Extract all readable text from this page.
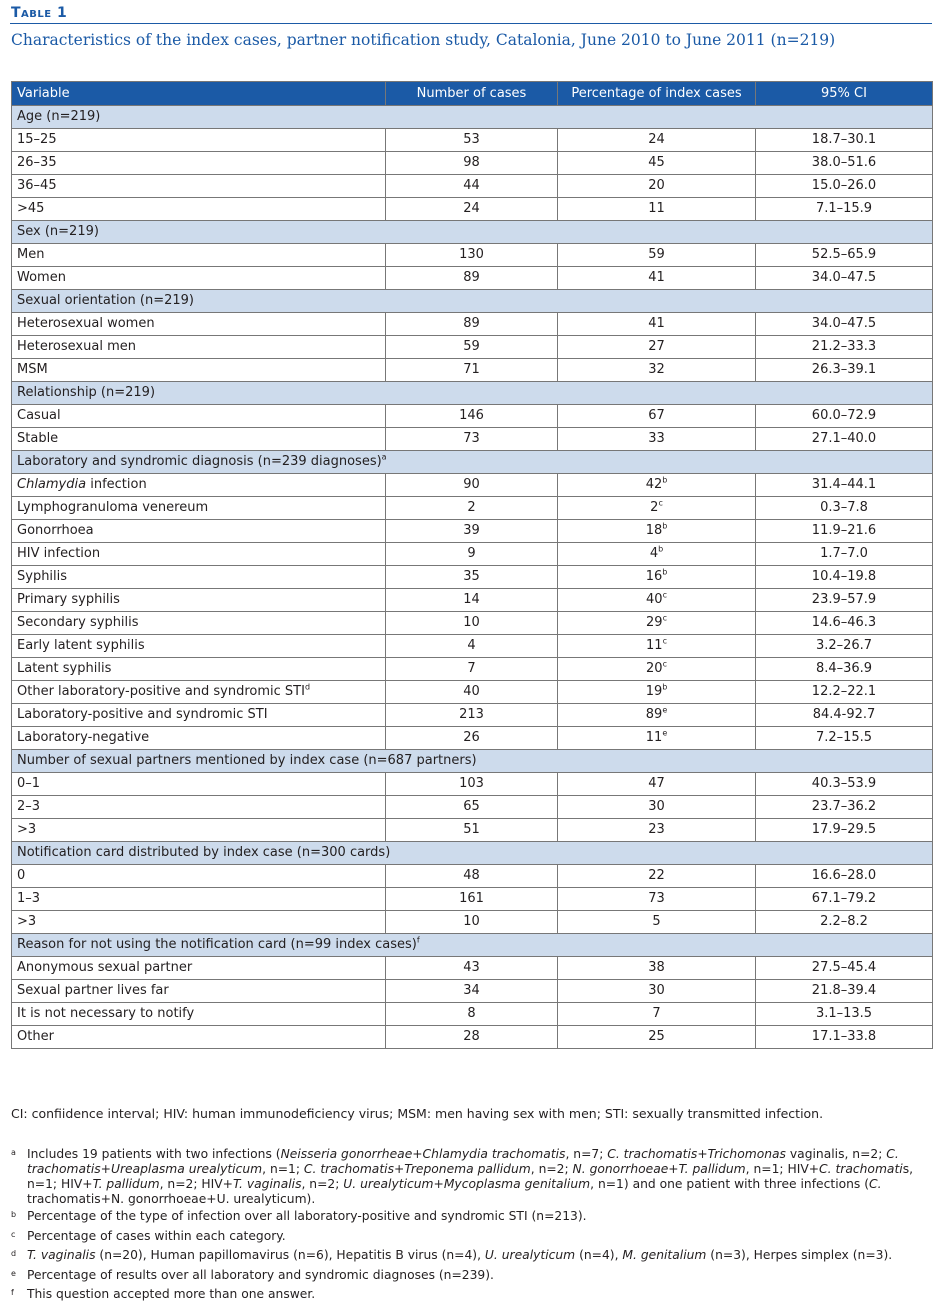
Table 1
Characteristics of the index cases, partner notification study, Catalonia, June 2010 to June 2011 (n=219)
Variable	Number of cases	Percentage of index cases	95% CI
Age (n=219)			
15–25	53	24	18.7–30.1
26–35	98	45	38.0–51.6
36–45	44	20	15.0–26.0
>45	24	11	7.1–15.9
Sex (n=219)			
Men	130	59	52.5–65.9
Women	89	41	34.0–47.5
Sexual orientation (n=219)			
Heterosexual women	89	41	34.0–47.5
Heterosexual men	59	27	21.2–33.3
MSM	71	32	26.3–39.1
Relationship (n=219)			
Casual	146	67	60.0–72.9
Stable	73	33	27.1–40.0
Laboratory and syndromic diagnosis (n=239 diagnoses)$^a$
Chlamydia infection	90	42$^b$	31.4–44.1
Lymphogranuloma venereum	2	2$^c$	0.3–7.8
Gonorrhoea	39	18$^b$	11.9–21.6
HIV infection	9	4$^b$	1.7–7.0
Syphilis	35	16$^b$	10.4–19.8
Primary syphilis	14	40$^c$	23.9–57.9
Secondary syphilis	10	29$^c$	14.6–46.3
Early latent syphilis	4	11$^c$	3.2–26.7
Latent syphilis	7	20$^c$	8.4–36.9
Other laboratory-positive and syndromic STI$^d$	40	19$^b$	12.2–22.1
Laboratory-positive and syndromic STI	213	89e	84.4-92.7
Laboratory-negative	26	11e	7.2–15.5
Number of sexual partners mentioned by index case (n=687 partners)			
0–1	103	47	40.3–53.9
2–3	65	30	23.7–36.2
>3	51	23	17.9–29.5
Notification card distributed by index case (n=300 cards)			
0	48	22	16.6–28.0
1–3	161	73	67.1–79.2
>3	10	5	2.2–8.2
Reason for not using the notification card (n=99 index cases)$^f$
Anonymous sexual partner	43	38	27.5–45.4
Sexual partner lives far	34	30	21.8–39.4
It is not necessary to notify	8	7	3.1–13.5
Other	28	25	17.1–33.8
CI: confiidence interval; HIV: human immunodeficiency virus; MSM: men having sex with men; STI: sexually transmitted infection.
a Includes 19 patients with two infections (Neisseria gonorrheae+Chlamydia trachomatis, n=7; C. trachomatis+Trichomonas vaginalis, n=2; C. trachomatis+Ureaplasma urealyticum, n=1; C. trachomatis+Treponema pallidum, n=2; N. gonorrhoeae+T. pallidum, n=1; HIV+C. trachomatis, n=1; HIV+T. pallidum, n=2; HIV+T. vaginalis, n=2; U. urealyticum+Mycoplasma genitalium, n=1) and one patient with three infections (C. trachomatis+N. gonorrhoeae+U. urealyticum).
b Percentage of the type of infection over all laboratory-positive and syndromic STI (n=213).
c Percentage of cases within each category.
d T. vaginalis (n=20), Human papillomavirus (n=6), Hepatitis B virus (n=4), U. urealyticum (n=4), M. genitalium (n=3), Herpes simplex (n=3).
e Percentage of results over all laboratory and syndromic diagnoses (n=239).
f This question accepted more than one answer.
